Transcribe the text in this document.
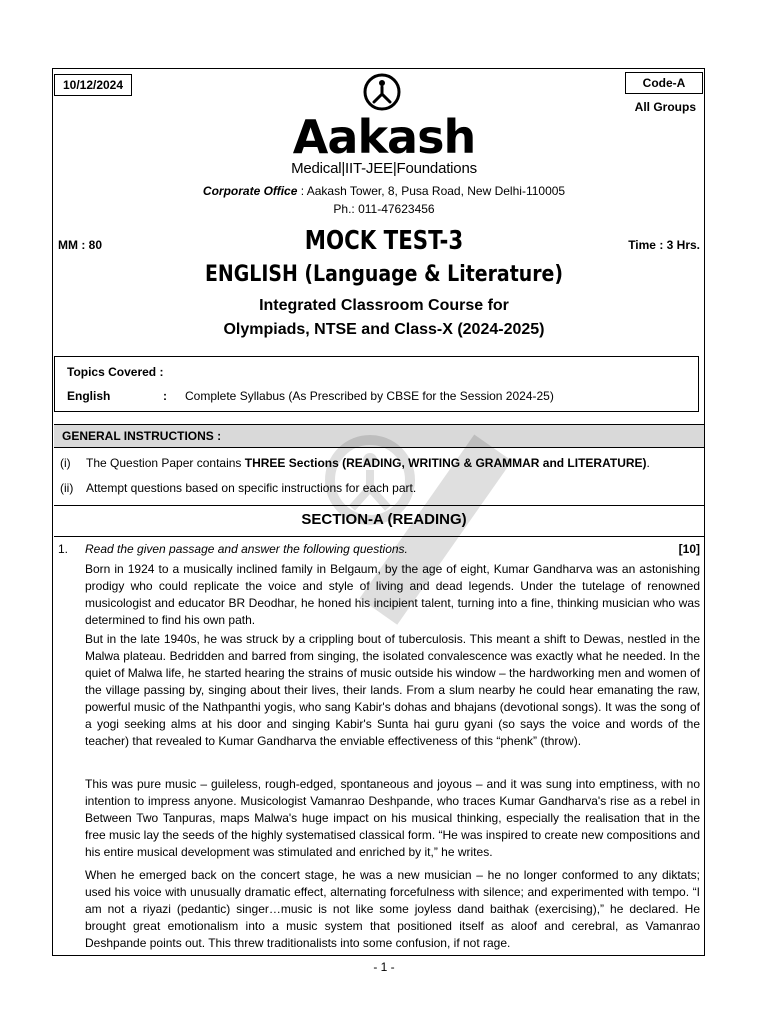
10/12/2024	Code-A
All Groups
Aakash
Medical|IIT-JEE|Foundations
Corporate Office : Aakash Tower, 8, Pusa Road, New Delhi-110005
Ph.: 011-47623456
MM : 80	Time : 3 Hrs.
MOCK TEST-3
ENGLISH (Language & Literature)
Integrated Classroom Course for
Olympiads, NTSE and Class-X (2024-2025)
Topics Covered :
English	: Complete Syllabus (As Prescribed by CBSE for the Session 2024-25)
GENERAL INSTRUCTIONS :
(i) The Question Paper contains THREE Sections (READING, WRITING & GRAMMAR and LITERATURE).
(ii) Attempt questions based on specific instructions for each part.
SECTION-A (READING)
1. Read the given passage and answer the following questions.	[10]

Born in 1924 to a musically inclined family in Belgaum, by the age of eight, Kumar Gandharva was an astonishing prodigy who could replicate the voice and style of living and dead legends. Under the tutelage of renowned musicologist and educator BR Deodhar, he honed his incipient talent, turning into a fine, thinking musician who was determined to find his own path.

But in the late 1940s, he was struck by a crippling bout of tuberculosis. This meant a shift to Dewas, nestled in the Malwa plateau. Bedridden and barred from singing, the isolated convalescence was exactly what he needed. In the quiet of Malwa life, he started hearing the strains of music outside his window – the hardworking men and women of the village passing by, singing about their lives, their lands. From a slum nearby he could hear emanating the raw, powerful music of the Nathpanthi yogis, who sang Kabir's dohas and bhajans (devotional songs). It was the song of a yogi seeking alms at his door and singing Kabir's Sunta hai guru gyani (so says the voice and words of the teacher) that revealed to Kumar Gandharva the enviable effectiveness of this “phenk” (throw).

This was pure music – guileless, rough-edged, spontaneous and joyous – and it was sung into emptiness, with no intention to impress anyone. Musicologist Vamanrao Deshpande, who traces Kumar Gandharva's rise as a rebel in Between Two Tanpuras, maps Malwa's huge impact on his musical thinking, especially the realisation that in the free music lay the seeds of the highly systematised classical form. “He was inspired to create new compositions and his entire musical development was stimulated and enriched by it,” he writes.

When he emerged back on the concert stage, he was a new musician – he no longer conformed to any diktats; used his voice with unusually dramatic effect, alternating forcefulness with silence; and experimented with tempo. “I am not a riyazi (pedantic) singer…music is not like some joyless dand baithak (exercising),” he declared. He brought great emotionalism into a music system that positioned itself as aloof and cerebral, as Vamanrao Deshpande points out. This threw traditionalists into some confusion, if not rage.

- 1 -
